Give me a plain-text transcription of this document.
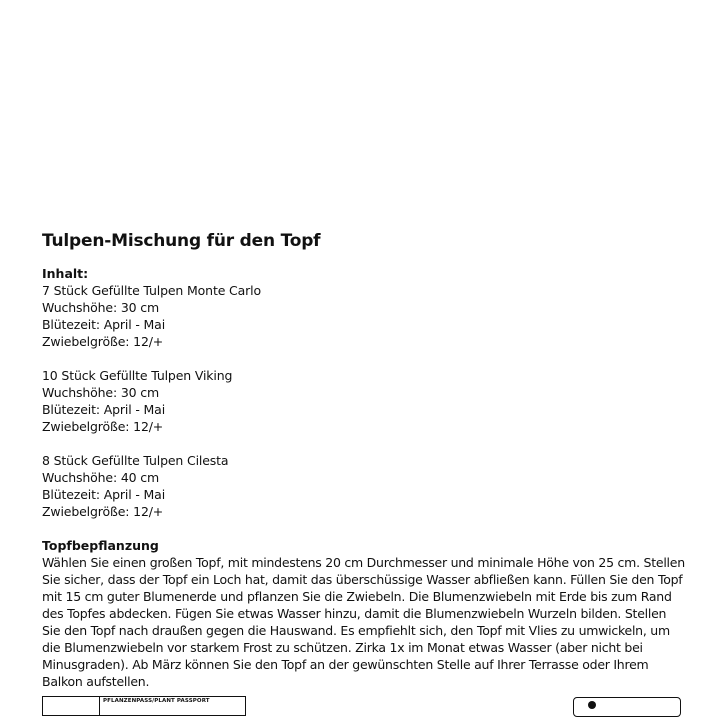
Tulpen-Mischung für den Topf

Inhalt:

7 Stück Gefüllte Tulpen Monte Carlo

Wuchshöhe: 30 cm

Blütezeit: April - Mai

Zwiebelgröße: 12/+

10 Stück Gefüllte Tulpen Viking

Wuchshöhe: 30 cm

Blütezeit: April - Mai

Zwiebelgröße: 12/+

8 Stück Gefüllte Tulpen Cilesta

Wuchshöhe: 40 cm

Blütezeit: April - Mai

Zwiebelgröße: 12/+

Topfbepflanzung

Wählen Sie einen großen Topf, mit mindestens 20 cm Durchmesser und minimale Höhe von 25 cm. Stellen Sie sicher, dass der Topf ein Loch hat, damit das überschüssige Wasser abfließen kann. Füllen Sie den Topf mit 15 cm guter Blumenerde und pflanzen Sie die Zwiebeln. Die Blumenzwiebeln mit Erde bis zum Rand des Topfes abdecken. Fügen Sie etwas Wasser hinzu, damit die Blumenzwiebeln Wurzeln bilden. Stellen Sie den Topf nach draußen gegen die Hauswand. Es empfiehlt sich, den Topf mit Vlies zu umwickeln, um die Blumenzwiebeln vor starkem Frost zu schützen. Zirka 1x im Monat etwas Wasser (aber nicht bei Minusgraden). Ab März können Sie den Topf an der gewünschten Stelle auf Ihrer Terrasse oder Ihrem Balkon aufstellen.

PFLANZENPASS/PLANT PASSPORT
